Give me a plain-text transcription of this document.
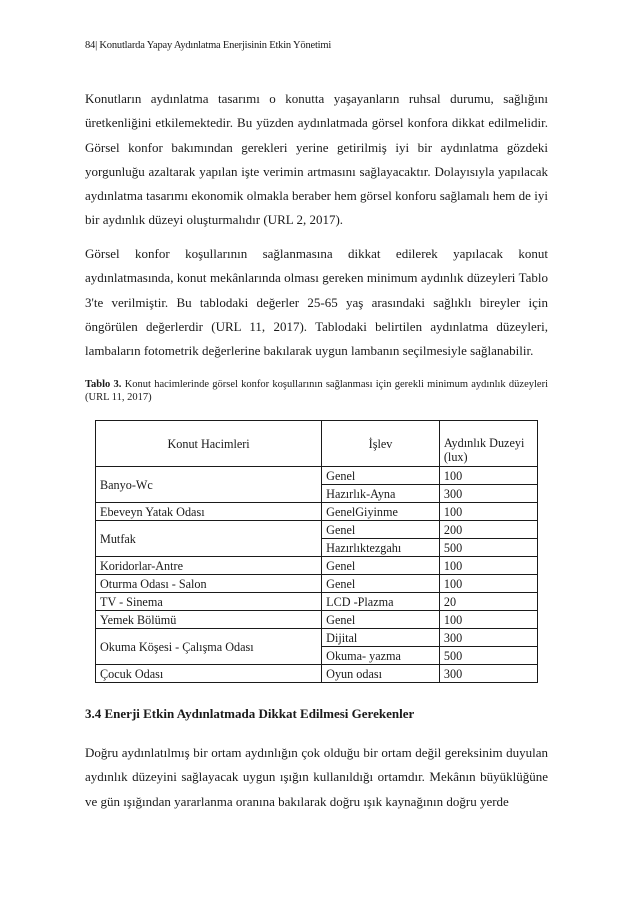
84| Konutlarda Yapay Aydınlatma Enerjisinin Etkin Yönetimi

Konutların aydınlatma tasarımı o konutta yaşayanların ruhsal durumu, sağlığını üretkenliğini etkilemektedir. Bu yüzden aydınlatmada görsel konfora dikkat edilmelidir. Görsel konfor bakımından gerekleri yerine getirilmiş iyi bir aydınlatma gözdeki yorgunluğu azaltarak yapılan işte verimin artmasını sağlayacaktır. Dolayısıyla yapılacak aydınlatma tasarımı ekonomik olmakla beraber hem görsel konforu sağlamalı hem de iyi bir aydınlık düzeyi oluşturmalıdır (URL 2, 2017).

Görsel konfor koşullarının sağlanmasına dikkat edilerek yapılacak konut aydınlatmasında, konut mekânlarında olması gereken minimum aydınlık düzeyleri Tablo 3'te verilmiştir. Bu tablodaki değerler 25-65 yaş arasındaki sağlıklı bireyler için öngörülen değerlerdir (URL 11, 2017). Tablodaki belirtilen aydınlatma düzeyleri, lambaların fotometrik değerlerine bakılarak uygun lambanın seçilmesiyle sağlanabilir.

Tablo 3. Konut hacimlerinde görsel konfor koşullarının sağlanması için gerekli minimum aydınlık düzeyleri (URL 11, 2017)

Konut Hacimleri	İşlev	Aydınlık Duzeyi (lux)
Banyo-Wc	Genel	100
	Hazırlık-Ayna	300
Ebeveyn Yatak Odası	GenelGiyinme	100
Mutfak	Genel	200
	Hazırlıktezgahı	500
Koridorlar-Antre	Genel	100
Oturma Odası - Salon	Genel	100
TV - Sinema	LCD -Plazma	20
Yemek Bölümü	Genel	100
Okuma Köşesi - Çalışma Odası	Dijital	300
	Okuma- yazma	500
Çocuk Odası	Oyun odası	300
3.4 Enerji Etkin Aydınlatmada Dikkat Edilmesi Gerekenler

Doğru aydınlatılmış bir ortam aydınlığın çok olduğu bir ortam değil gereksinim duyulan aydınlık düzeyini sağlayacak uygun ışığın kullanıldığı ortamdır. Mekânın büyüklüğüne ve gün ışığından yararlanma oranına bakılarak doğru ışık kaynağının doğru yerde
